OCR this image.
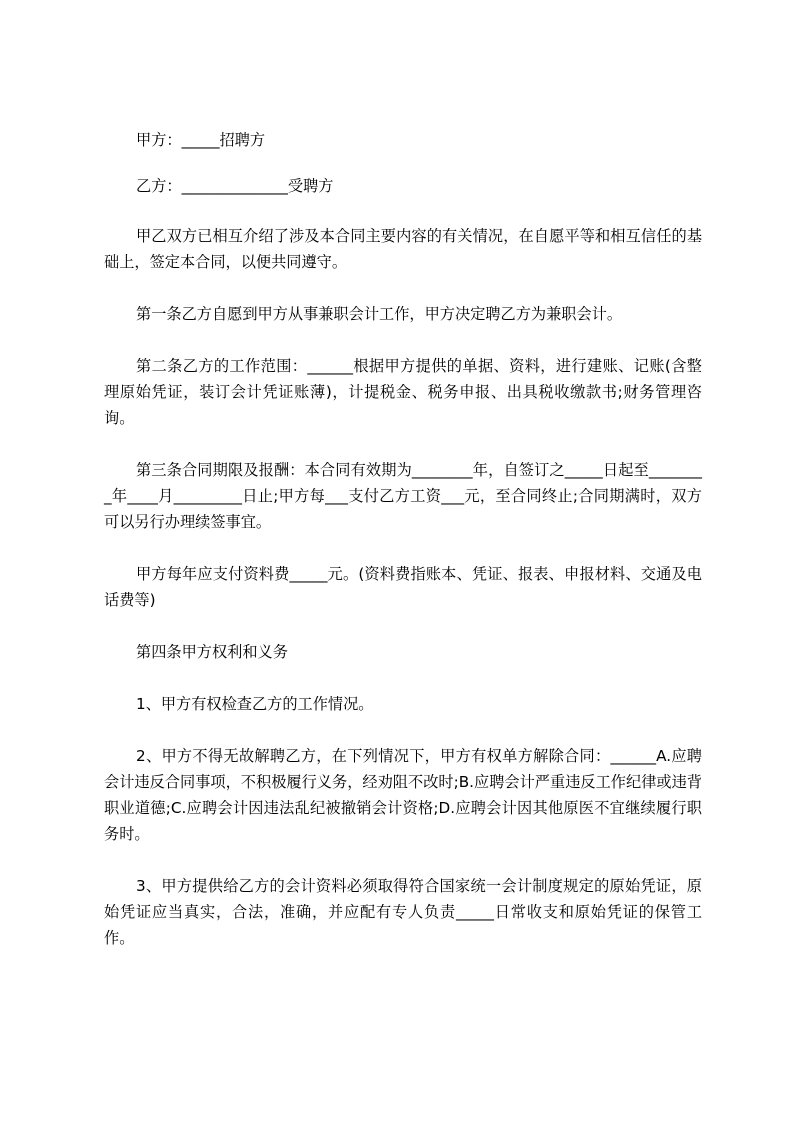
甲方：_____招聘方

乙方：______________受聘方

甲乙双方已相互介绍了涉及本合同主要内容的有关情况，在自愿平等和相互信任的基础上，签定本合同，以便共同遵守。

第一条乙方自愿到甲方从事兼职会计工作，甲方决定聘乙方为兼职会计。

第二条乙方的工作范围：______根据甲方提供的单据、资料，进行建账、记账(含整理原始凭证，装订会计凭证账薄)，计提税金、税务申报、出具税收缴款书;财务管理咨询。

第三条合同期限及报酬：本合同有效期为________年，自签订之_____日起至________年____月_________日止;甲方每___支付乙方工资___元，至合同终止;合同期满时，双方可以另行办理续签事宜。

甲方每年应支付资料费_____元。(资料费指账本、凭证、报表、申报材料、交通及电话费等)

第四条甲方权利和义务

1、甲方有权检查乙方的工作情况。

2、甲方不得无故解聘乙方，在下列情况下，甲方有权单方解除合同：______A.应聘会计违反合同事项，不积极履行义务，经劝阻不改时;B.应聘会计严重违反工作纪律或违背职业道德;C.应聘会计因违法乱纪被撤销会计资格;D.应聘会计因其他原医不宜继续履行职务时。

3、甲方提供给乙方的会计资料必须取得符合国家统一会计制度规定的原始凭证，原始凭证应当真实，合法，准确，并应配有专人负责_____日常收支和原始凭证的保管工作。
